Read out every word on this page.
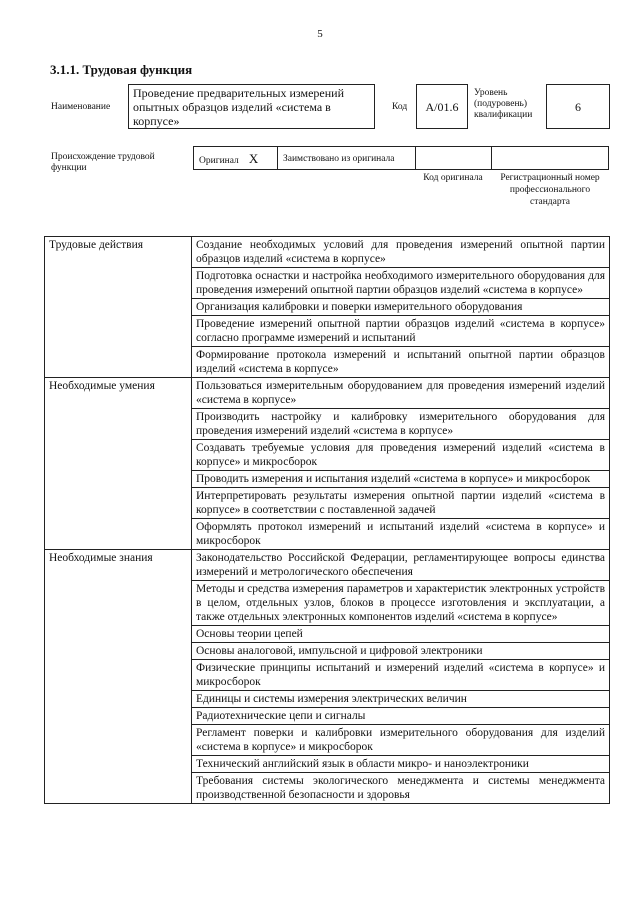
5
3.1.1. Трудовая функция
Наименование
Проведение предварительных измерений опытных образцов изделий «система в корпусе»
Код	А/01.6
Уровень (подуровень) квалификации
6
Происхождение трудовой функции
Оригинал X	Заимствовано из оригинала
Код оригинала	Регистрационный номер профессионального стандарта
Трудовые действия	Создание необходимых условий для проведения измерений опытной партии образцов изделий «система в корпусе»
	Подготовка оснастки и настройка необходимого измерительного оборудования для проведения измерений опытной партии образцов изделий «система в корпусе»
	Организация калибровки и поверки измерительного оборудования
	Проведение измерений опытной партии образцов изделий «система в корпусе» согласно программе измерений и испытаний
	Формирование протокола измерений и испытаний опытной партии образцов изделий «система в корпусе»
Необходимые умения	Пользоваться измерительным оборудованием для проведения измерений изделий «система в корпусе»
	Производить настройку и калибровку измерительного оборудования для проведения измерений изделий «система в корпусе»
	Создавать требуемые условия для проведения измерений изделий «система в корпусе» и микросборок
	Проводить измерения и испытания изделий «система в корпусе» и микросборок
	Интерпретировать результаты измерения опытной партии изделий «система в корпусе» в соответствии с поставленной задачей
	Оформлять протокол измерений и испытаний изделий «система в корпусе» и микросборок
Необходимые знания	Законодательство Российской Федерации, регламентирующее вопросы единства измерений и метрологического обеспечения
	Методы и средства измерения параметров и характеристик электронных устройств в целом, отдельных узлов, блоков в процессе изготовления и эксплуатации, а также отдельных электронных компонентов изделий «система в корпусе»
	Основы теории цепей
	Основы аналоговой, импульсной и цифровой электроники
	Физические принципы испытаний и измерений изделий «система в корпусе» и микросборок
	Единицы и системы измерения электрических величин
	Радиотехнические цепи и сигналы
	Регламент поверки и калибровки измерительного оборудования для изделий «система в корпусе» и микросборок
	Технический английский язык в области микро- и наноэлектроники
	Требования системы экологического менеджмента и системы менеджмента производственной безопасности и здоровья
